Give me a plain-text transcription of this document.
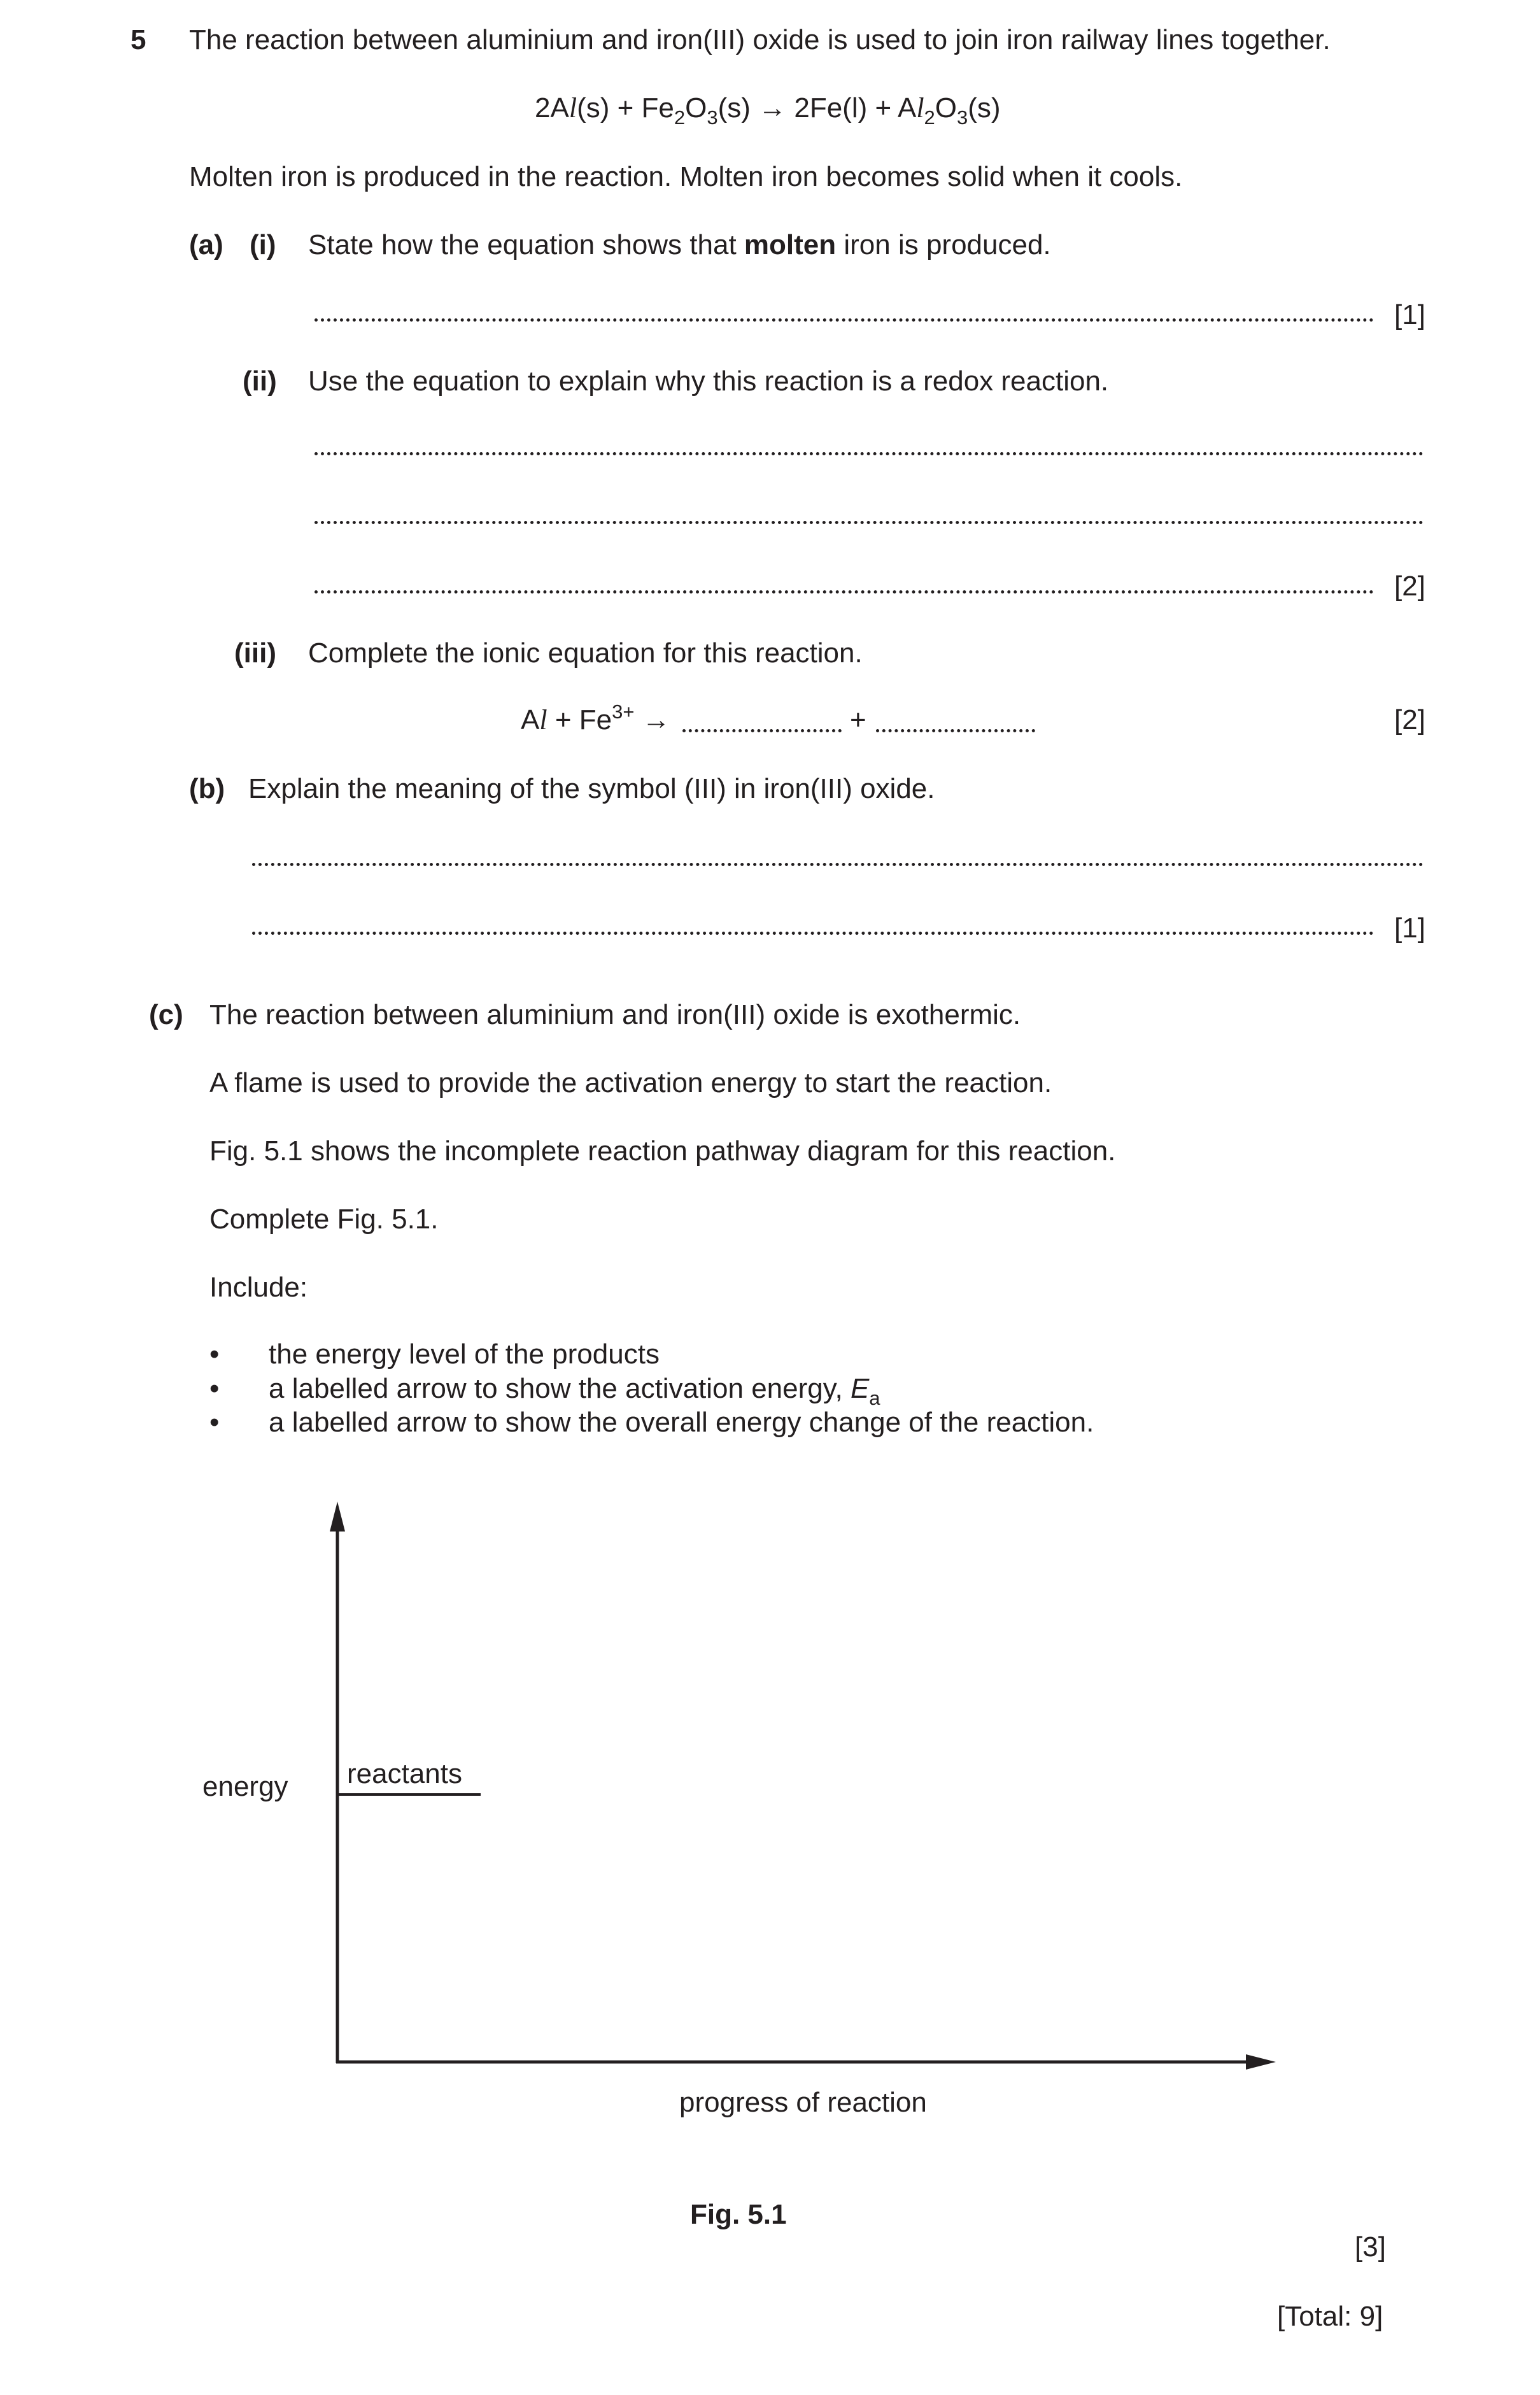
5 The reaction between aluminium and iron(III) oxide is used to join iron railway lines together.
$2Al(s) + Fe_2O_3(s) \to 2Fe(l) + Al_2O_3(s)$
Molten iron is produced in the reaction. Molten iron becomes solid when it cools.
(a) (i) State how the equation shows that molten iron is produced.
[1]
(ii) Use the equation to explain why this reaction is a redox reaction.
[2]
(iii) Complete the ionic equation for this reaction.
$Al + Fe^{3+}$ →	+	[2]
(b) Explain the meaning of the symbol (III) in iron(III) oxide.
[1]
(c) The reaction between aluminium and iron(III) oxide is exothermic.
A flame is used to provide the activation energy to start the reaction.
Fig. 5.1 shows the incomplete reaction pathway diagram for this reaction.
Complete Fig. 5.1.
Include:
• the energy level of the products
• a labelled arrow to show the activation energy, $E_a$
• a labelled arrow to show the overall energy change of the reaction.
energy reactants
progress of reaction
Fig. 5.1
[3]
[Total: 9]
